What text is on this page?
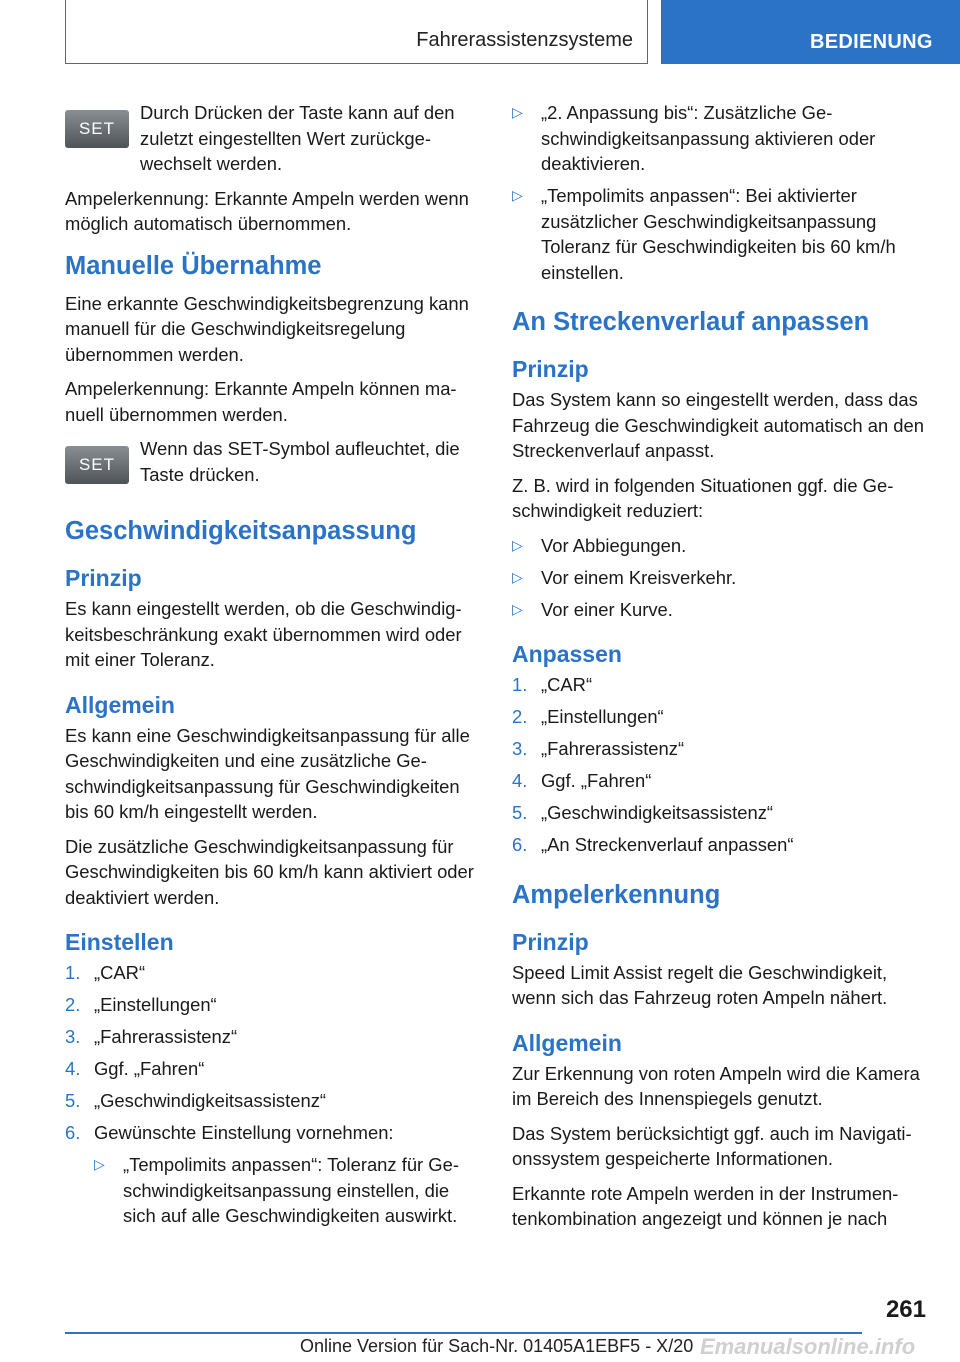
Fahrerassistenzsysteme	BEDIENUNG
SET

Durch Drücken der Taste kann auf den zuletzt eingestellten Wert zurückgewechselt werden.

Ampelerkennung: Erkannte Ampeln werden wenn möglich automatisch übernommen.

Manuelle Übernahme

Eine erkannte Geschwindigkeitsbegrenzung kann manuell für die Geschwindigkeitsregelung übernommen werden.

Ampelerkennung: Erkannte Ampeln können manuell übernommen werden.

SET

Wenn das SET-Symbol aufleuchtet, die Taste drücken.

Geschwindigkeitsanpassung
Prinzip

Es kann eingestellt werden, ob die Geschwindigkeitsbeschränkung exakt übernommen wird oder mit einer Toleranz.

Allgemein

Es kann eine Geschwindigkeitsanpassung für alle Geschwindigkeiten und eine zusätzliche Geschwindigkeitsanpassung für Geschwindigkeiten bis 60 km/h eingestellt werden.

Die zusätzliche Geschwindigkeitsanpassung für Geschwindigkeiten bis 60 km/h kann aktiviert oder deaktiviert werden.

Einstellen
1. „CAR“
2. „Einstellungen“
3. „Fahrerassistenz“
4. Ggf. „Fahren“
5. „Geschwindigkeitsassistenz“
6. Gewünschte Einstellung vornehmen:
▷ „Tempolimits anpassen“: Toleranz für Geschwindigkeitsanpassung einstellen, die sich auf alle Geschwindigkeiten auswirkt.
▷ „2. Anpassung bis“: Zusätzliche Geschwindigkeitsanpassung aktivieren oder deaktivieren.
▷ „Tempolimits anpassen“: Bei aktivierter zusätzlicher Geschwindigkeitsanpassung Toleranz für Geschwindigkeiten bis 60 km/h einstellen.
An Streckenverlauf anpassen
Prinzip

Das System kann so eingestellt werden, dass das Fahrzeug die Geschwindigkeit automatisch an den Streckenverlauf anpasst.

Z. B. wird in folgenden Situationen ggf. die Geschwindigkeit reduziert:

▷ Vor Abbiegungen.
▷ Vor einem Kreisverkehr.
▷ Vor einer Kurve.
Anpassen
1. „CAR“
2. „Einstellungen“
3. „Fahrerassistenz“
4. Ggf. „Fahren“
5. „Geschwindigkeitsassistenz“
6. „An Streckenverlauf anpassen“
Ampelerkennung
Prinzip

Speed Limit Assist regelt die Geschwindigkeit, wenn sich das Fahrzeug roten Ampeln nähert.

Allgemein

Zur Erkennung von roten Ampeln wird die Kamera im Bereich des Innenspiegels genutzt.

Das System berücksichtigt ggf. auch im Navigationssystem gespeicherte Informationen.

Erkannte rote Ampeln werden in der Instrumentenkombination angezeigt und können je nach

261
Online Version für Sach-Nr. 01405A1EBF5 - X/20 Emanualsonline.info
